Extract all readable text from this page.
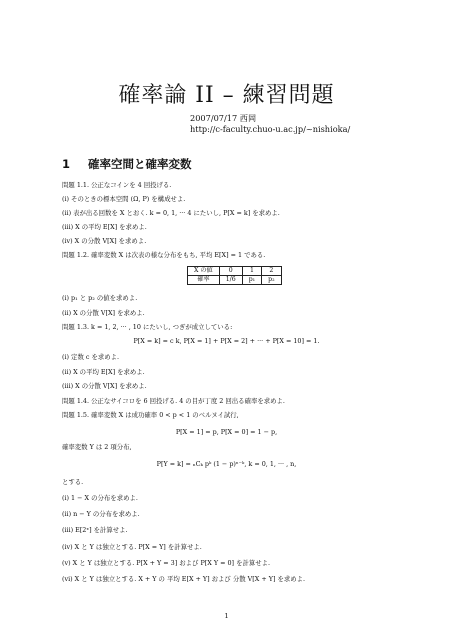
確率論 II – 練習問題
2007/07/17 西岡
http://c-faculty.chuo-u.ac.jp/~nishioka/
1 確率空間と確率変数
問題 1.1. 公正なコインを 4 回投げる.
(i) そのときの標本空間 (Ω, P) を構成せよ.
(ii) 表が出る回数を X とおく. k = 0, 1, ··· 4 にたいし, P[X = k] を求めよ.
(iii) X の平均 E[X] を求めよ.
(iv) X の分散 V[X] を求めよ.
問題 1.2. 確率変数 X は次表の様な分布をもち, 平均 E[X] = 1 である.
X の値	0	1	2
確率	1/6	p₁	p₂
(i) p₁ と p₂ の値を求めよ.
(ii) X の分散 V[X] を求めよ.
問題 1.3. k = 1, 2, ··· , 10 にたいし, つぎが成立している:
P[X = k] = c k, P[X = 1] + P[X = 2] + ··· + P[X = 10] = 1.
(i) 定数 c を求めよ.
(ii) X の平均 E[X] を求めよ.
(iii) X の分散 V[X] を求めよ.
問題 1.4. 公正なサイコロを 6 回投げる. 4 の目が丁度 2 回出る確率を求めよ.
問題 1.5. 確率変数 X は成功確率 0 < p < 1 のベルヌイ試行,
P[X = 1] = p, P[X = 0] = 1 − p,
確率変数 Y は 2 項分布,
P[Y = k] = ₙCₖ pᵏ (1 − p)ⁿ⁻ᵏ, k = 0, 1, ··· , n,
とする.
(i) 1 − X の分布を求めよ.
(ii) n − Y の分布を求めよ.
(iii) E[2ˣ] を計算せよ.
(iv) X と Y は独立とする. P[X = Y] を計算せよ.
(v) X と Y は独立とする. P[X + Y = 3] および P[X Y = 0] を計算せよ.
(vi) X と Y は独立とする. X + Y の 平均 E[X + Y] および 分散 V[X + Y] を求めよ.
1
